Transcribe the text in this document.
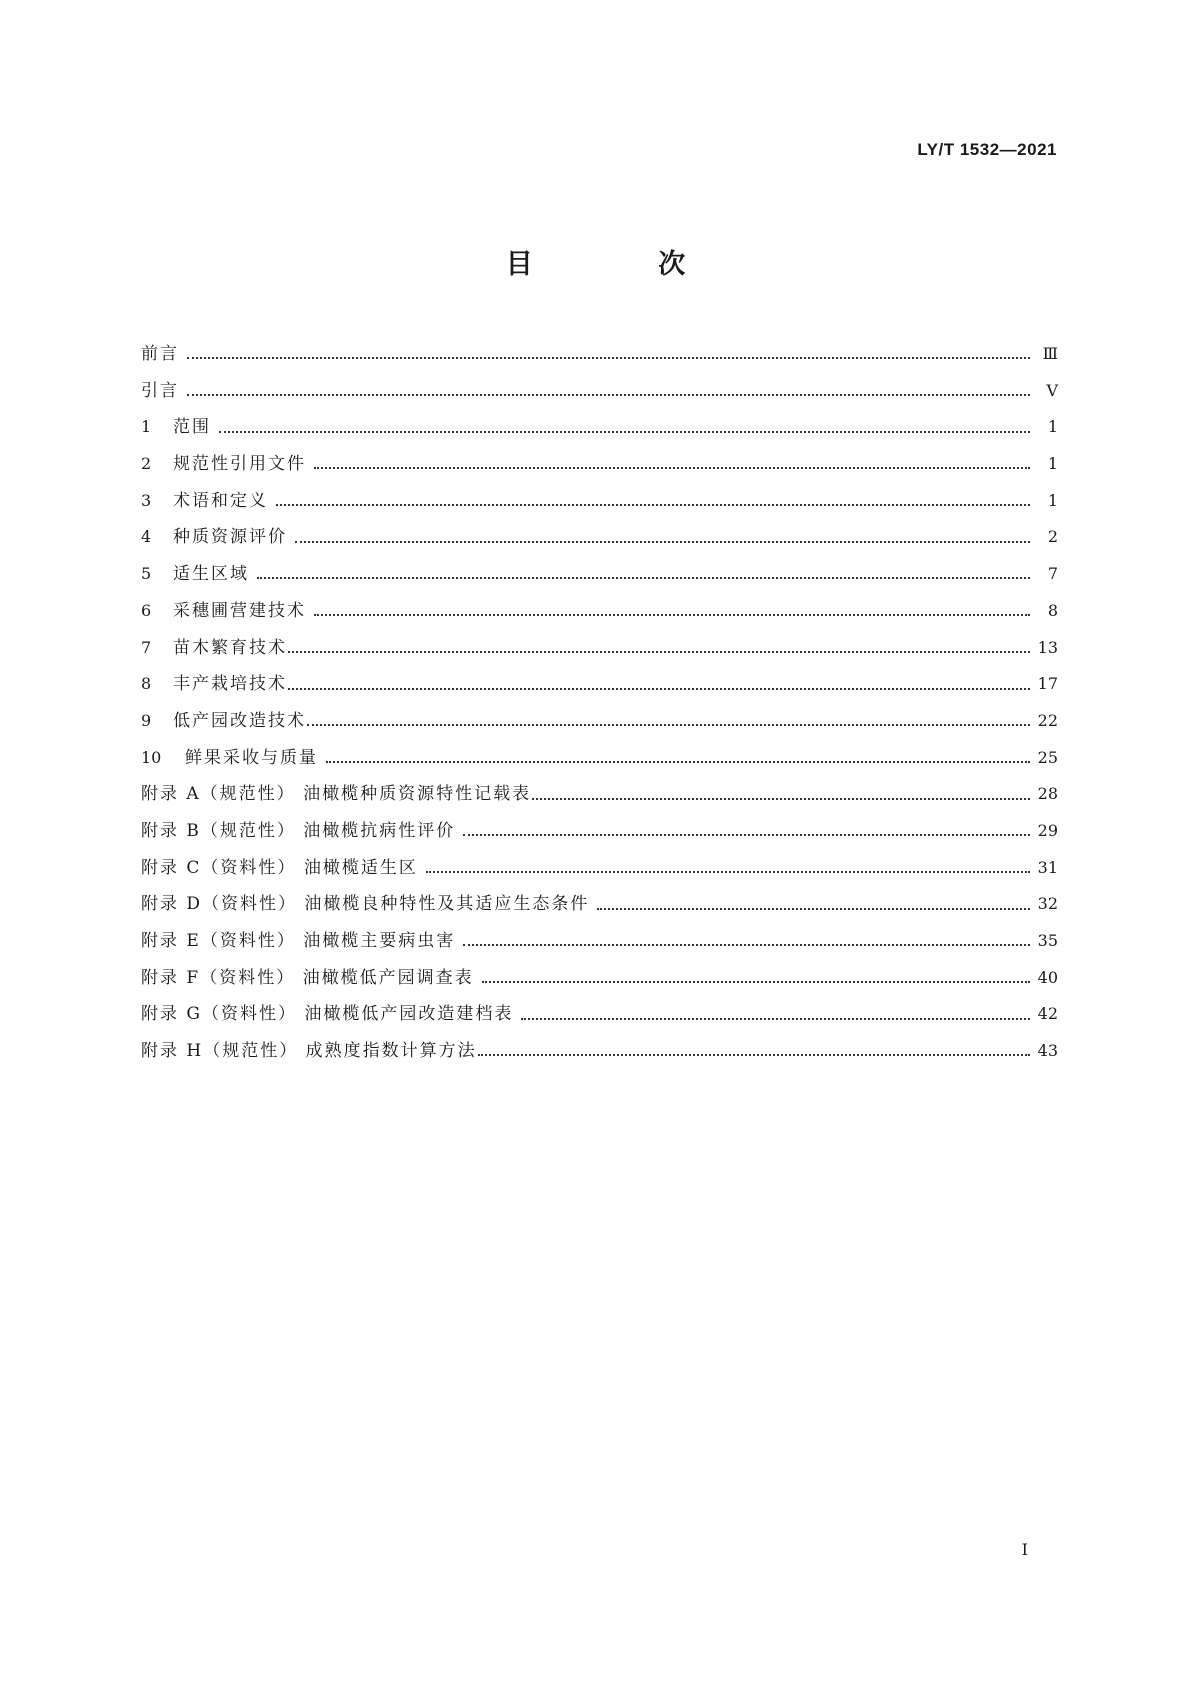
LY/T 1532—2021
目 次
前言	Ⅲ
引言	Ⅴ
1	范围	1
2	规范性引用文件	1
3	术语和定义	1
4	种质资源评价	2
5	适生区域	7
6	采穗圃营建技术	8
7	苗木繁育技术	13
8	丰产栽培技术	17
9	低产园改造技术	22
10	鲜果采收与质量	25
附录 A（规范性） 油橄榄种质资源特性记载表	28
附录 B（规范性） 油橄榄抗病性评价	29
附录 C（资料性） 油橄榄适生区	31
附录 D（资料性） 油橄榄良种特性及其适应生态条件	32
附录 E（资料性） 油橄榄主要病虫害	35
附录 F（资料性） 油橄榄低产园调查表	40
附录 G（资料性） 油橄榄低产园改造建档表	42
附录 H（规范性） 成熟度指数计算方法	43
Ⅰ
